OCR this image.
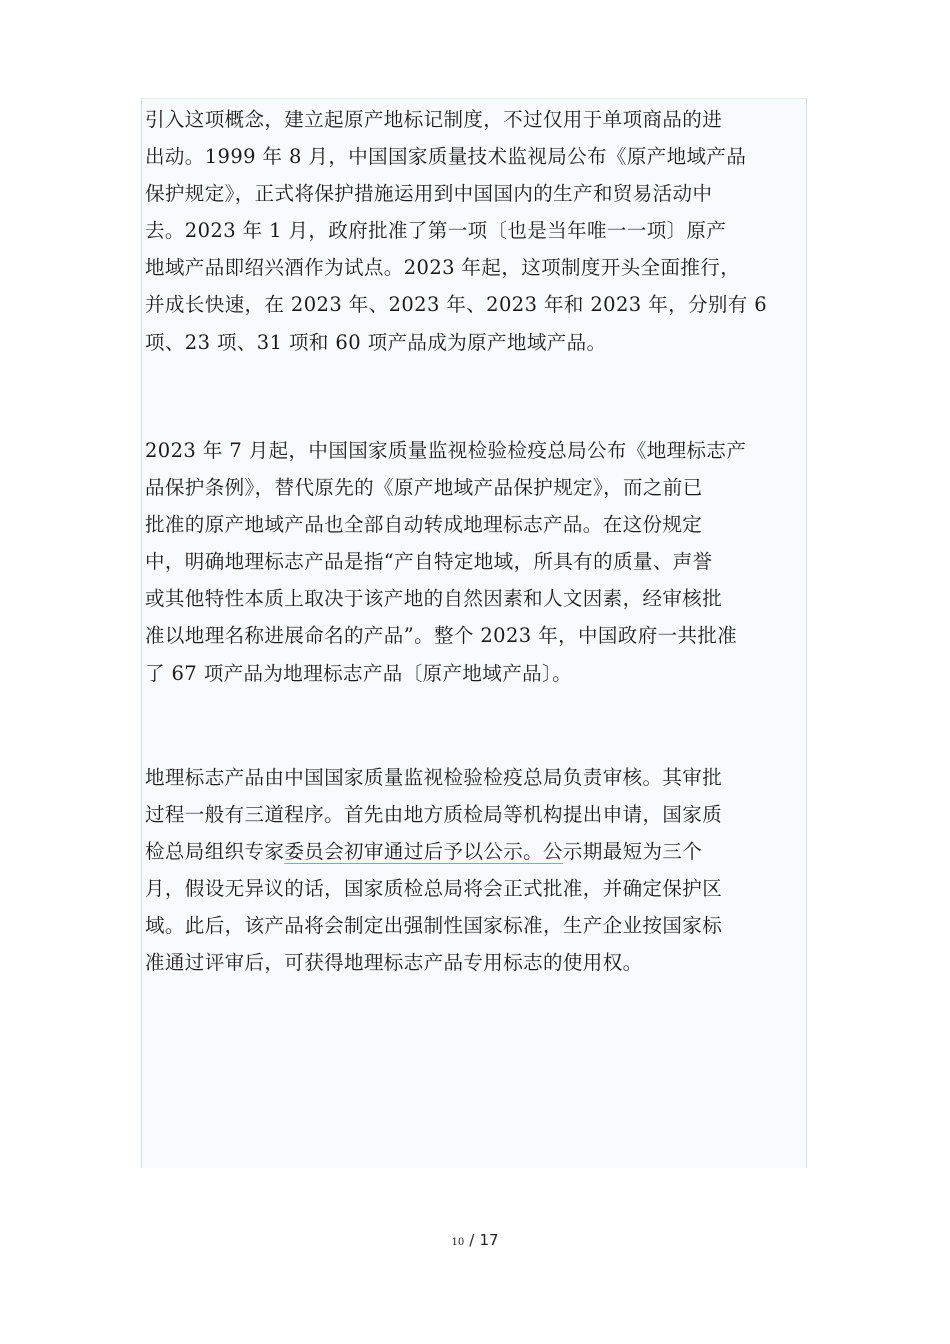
引入这项概念，建立起原产地标记制度，不过仅用于单项商品的进
出动。1999 年 8 月，中国国家质量技术监视局公布《原产地域产品
保护规定》，正式将保护措施运用到中国国内的生产和贸易活动中
去。2023 年 1 月，政府批准了第一项〔也是当年唯一一项〕原产
地域产品即绍兴酒作为试点。2023 年起，这项制度开头全面推行，
并成长快速，在 2023 年、2023 年、2023 年和 2023 年，分别有 6
项、23 项、31 项和 60 项产品成为原产地域产品。

2023 年 7 月起，中国国家质量监视检验检疫总局公布《地理标志产
品保护条例》，替代原先的《原产地域产品保护规定》，而之前已
批准的原产地域产品也全部自动转成地理标志产品。在这份规定
中，明确地理标志产品是指“产自特定地域，所具有的质量、声誉
或其他特性本质上取决于该产地的自然因素和人文因素，经审核批
准以地理名称进展命名的产品”。整个 2023 年，中国政府一共批准
了 67 项产品为地理标志产品〔原产地域产品〕。

地理标志产品由中国国家质量监视检验检疫总局负责审核。其审批
过程一般有三道程序。首先由地方质检局等机构提出申请，国家质
检总局组织专家委员会初审通过后予以公示。公示期最短为三个
月，假设无异议的话，国家质检总局将会正式批准，并确定保护区
域。此后，该产品将会制定出强制性国家标准，生产企业按国家标
准通过评审后，可获得地理标志产品专用标志的使用权。

10 / 17
